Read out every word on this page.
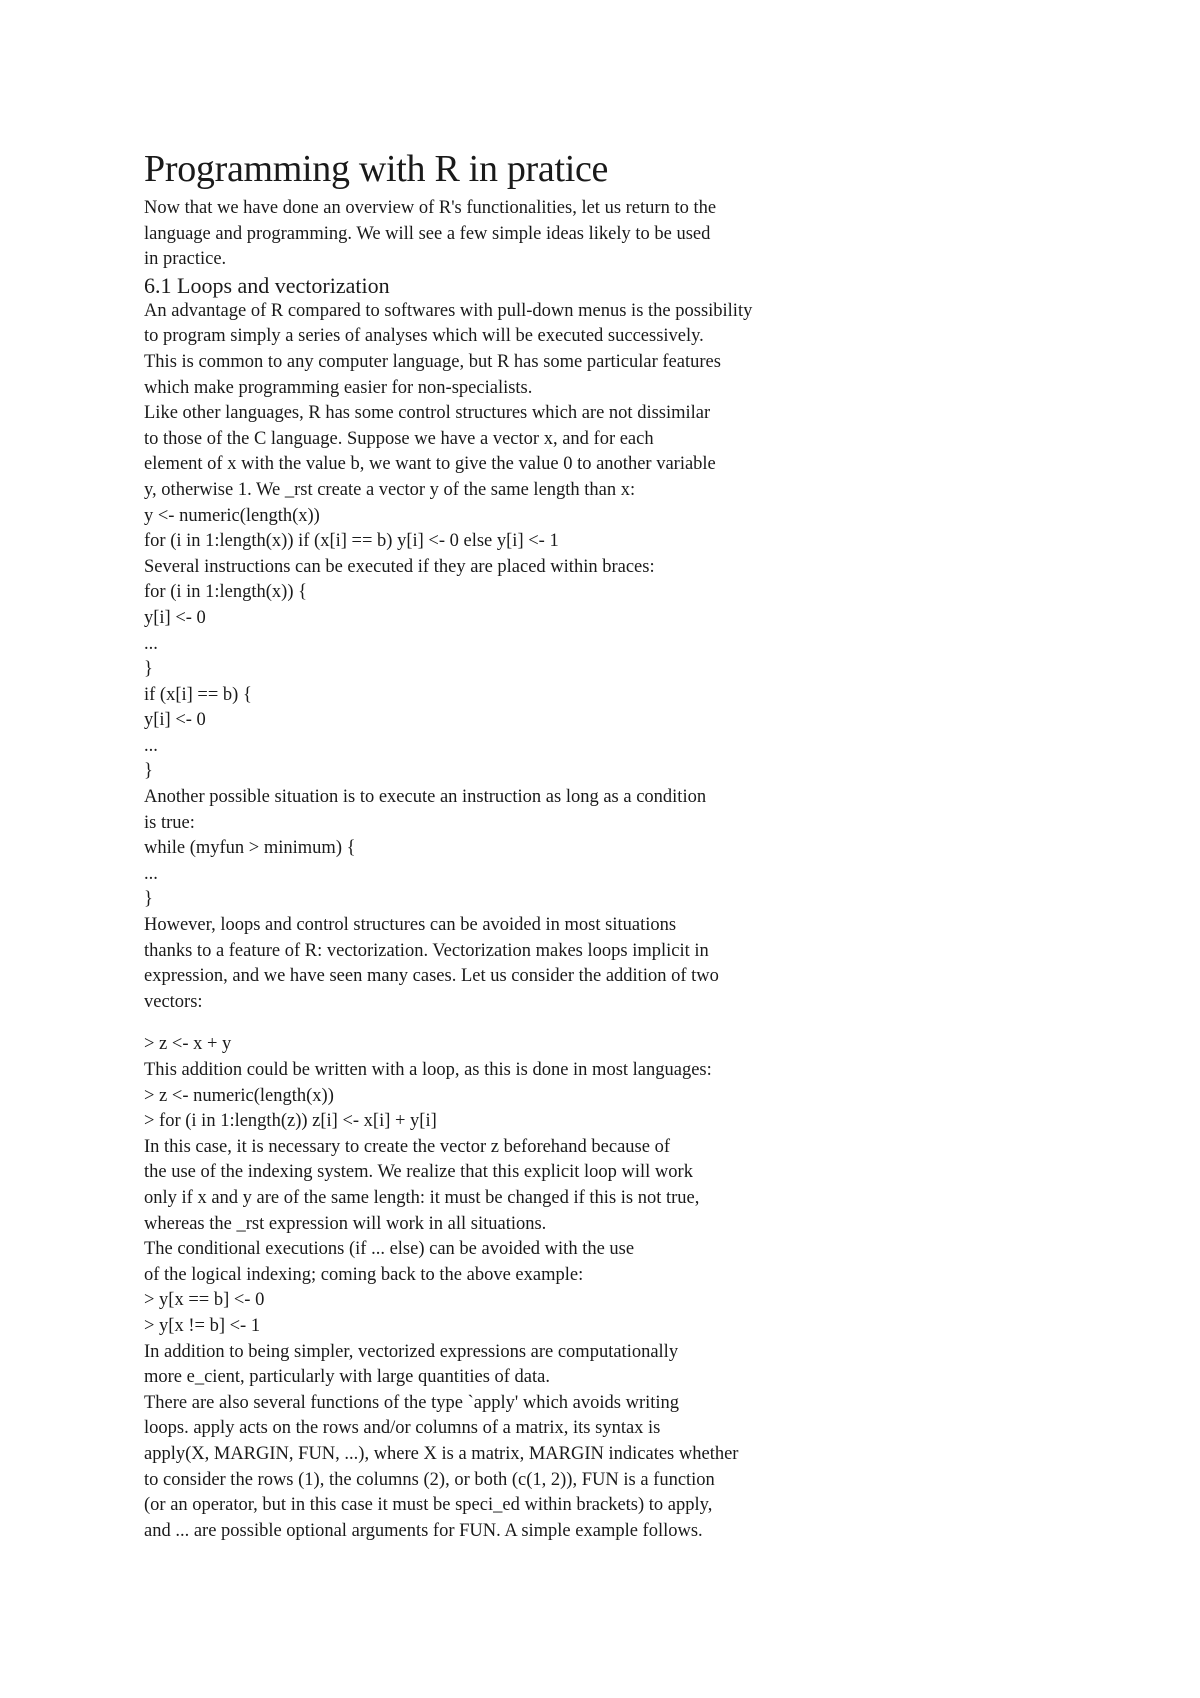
Programming with R in pratice

Now that we have done an overview of R's functionalities, let us return to the

language and programming. We will see a few simple ideas likely to be used

in practice.

6.1 Loops and vectorization

An advantage of R compared to softwares with pull-down menus is the possibility

to program simply a series of analyses which will be executed successively.

This is common to any computer language, but R has some particular features

which make programming easier for non-specialists.

Like other languages, R has some control structures which are not dissimilar

to those of the C language. Suppose we have a vector x, and for each

element of x with the value b, we want to give the value 0 to another variable

y, otherwise 1. We _rst create a vector y of the same length than x:

y <- numeric(length(x))

for (i in 1:length(x)) if (x[i] == b) y[i] <- 0 else y[i] <- 1

Several instructions can be executed if they are placed within braces:

for (i in 1:length(x)) {

y[i] <- 0

...

}

if (x[i] == b) {

y[i] <- 0

...

}

Another possible situation is to execute an instruction as long as a condition

is true:

while (myfun > minimum) {

...

}

However, loops and control structures can be avoided in most situations

thanks to a feature of R: vectorization. Vectorization makes loops implicit in

expression, and we have seen many cases. Let us consider the addition of two

vectors:

> z <- x + y

This addition could be written with a loop, as this is done in most languages:

> z <- numeric(length(x))

> for (i in 1:length(z)) z[i] <- x[i] + y[i]

In this case, it is necessary to create the vector z beforehand because of

the use of the indexing system. We realize that this explicit loop will work

only if x and y are of the same length: it must be changed if this is not true,

whereas the _rst expression will work in all situations.

The conditional executions (if ... else) can be avoided with the use

of the logical indexing; coming back to the above example:

> y[x == b] <- 0

> y[x != b] <- 1

In addition to being simpler, vectorized expressions are computationally

more e_cient, particularly with large quantities of data.

There are also several functions of the type `apply' which avoids writing

loops. apply acts on the rows and/or columns of a matrix, its syntax is

apply(X, MARGIN, FUN, ...), where X is a matrix, MARGIN indicates whether

to consider the rows (1), the columns (2), or both (c(1, 2)), FUN is a function

(or an operator, but in this case it must be speci_ed within brackets) to apply,

and ... are possible optional arguments for FUN. A simple example follows.
